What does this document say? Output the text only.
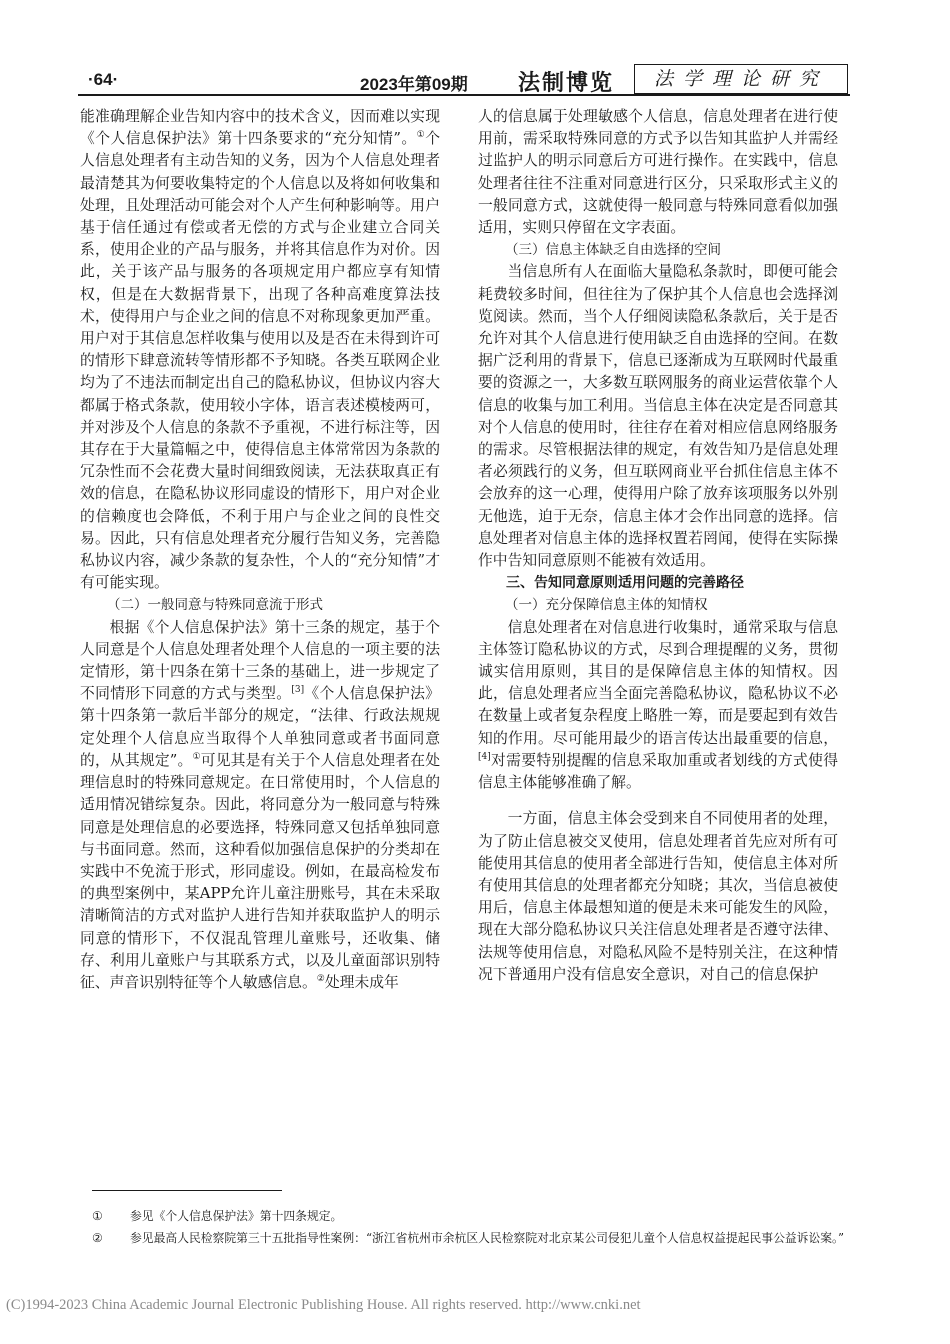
·64·	2023年第09期 法制博览	法学理论研究

能准确理解企业告知内容中的技术含义，因而难以实现《个人信息保护法》第十四条要求的“充分知情”。①个人信息处理者有主动告知的义务，因为个人信息处理者最清楚其为何要收集特定的个人信息以及将如何收集和处理，且处理活动可能会对个人产生何种影响等。用户基于信任通过有偿或者无偿的方式与企业建立合同关系，使用企业的产品与服务，并将其信息作为对价。因此，关于该产品与服务的各项规定用户都应享有知情权，但是在大数据背景下，出现了各种高难度算法技术，使得用户与企业之间的信息不对称现象更加严重。用户对于其信息怎样收集与使用以及是否在未得到许可的情形下肆意流转等情形都不予知晓。各类互联网企业均为了不违法而制定出自己的隐私协议，但协议内容大都属于格式条款，使用较小字体，语言表述模棱两可，并对涉及个人信息的条款不予重视，不进行标注等，因其存在于大量篇幅之中，使得信息主体常常因为条款的冗杂性而不会花费大量时间细致阅读，无法获取真正有效的信息，在隐私协议形同虚设的情形下，用户对企业的信赖度也会降低，不利于用户与企业之间的良性交易。因此，只有信息处理者充分履行告知义务，完善隐私协议内容，减少条款的复杂性，个人的“充分知情”才有可能实现。

（二）一般同意与特殊同意流于形式

根据《个人信息保护法》第十三条的规定，基于个人同意是个人信息处理者处理个人信息的一项主要的法定情形，第十四条在第十三条的基础上，进一步规定了不同情形下同意的方式与类型。[3]《个人信息保护法》第十四条第一款后半部分的规定，“法律、行政法规规定处理个人信息应当取得个人单独同意或者书面同意的，从其规定”。①可见其是有关于个人信息处理者在处理信息时的特殊同意规定。在日常使用时，个人信息的适用情况错综复杂。因此，将同意分为一般同意与特殊同意是处理信息的必要选择，特殊同意又包括单独同意与书面同意。然而，这种看似加强信息保护的分类却在实践中不免流于形式，形同虚设。例如，在最高检发布的典型案例中，某APP允许儿童注册账号，其在未采取清晰简洁的方式对监护人进行告知并获取监护人的明示同意的情形下，不仅混乱管理儿童账号，还收集、储存、利用儿童账户与其联系方式，以及儿童面部识别特征、声音识别特征等个人敏感信息。②处理未成年

人的信息属于处理敏感个人信息，信息处理者在进行使用前，需采取特殊同意的方式予以告知其监护人并需经过监护人的明示同意后方可进行操作。在实践中，信息处理者往往不注重对同意进行区分，只采取形式主义的一般同意方式，这就使得一般同意与特殊同意看似加强适用，实则只停留在文字表面。

（三）信息主体缺乏自由选择的空间

当信息所有人在面临大量隐私条款时，即便可能会耗费较多时间，但往往为了保护其个人信息也会选择浏览阅读。然而，当个人仔细阅读隐私条款后，关于是否允许对其个人信息进行使用缺乏自由选择的空间。在数据广泛利用的背景下，信息已逐渐成为互联网时代最重要的资源之一，大多数互联网服务的商业运营依靠个人信息的收集与加工利用。当信息主体在决定是否同意其对个人信息的使用时，往往存在着对相应信息网络服务的需求。尽管根据法律的规定，有效告知乃是信息处理者必须践行的义务，但互联网商业平台抓住信息主体不会放弃的这一心理，使得用户除了放弃该项服务以外别无他选，迫于无奈，信息主体才会作出同意的选择。信息处理者对信息主体的选择权置若罔闻，使得在实际操作中告知同意原则不能被有效适用。

三、告知同意原则适用问题的完善路径

（一）充分保障信息主体的知情权

信息处理者在对信息进行收集时，通常采取与信息主体签订隐私协议的方式，尽到合理提醒的义务，贯彻诚实信用原则，其目的是保障信息主体的知情权。因此，信息处理者应当全面完善隐私协议，隐私协议不必在数量上或者复杂程度上略胜一筹，而是要起到有效告知的作用。尽可能用最少的语言传达出最重要的信息，[4]对需要特别提醒的信息采取加重或者划线的方式使得信息主体能够准确了解。

一方面，信息主体会受到来自不同使用者的处理，为了防止信息被交叉使用，信息处理者首先应对所有可能使用其信息的使用者全部进行告知，使信息主体对所有使用其信息的处理者都充分知晓；其次，当信息被使用后，信息主体最想知道的便是未来可能发生的风险，现在大部分隐私协议只关注信息处理者是否遵守法律、法规等使用信息，对隐私风险不是特别关注，在这种情况下普通用户没有信息安全意识，对自己的信息保护

① 参见《个人信息保护法》第十四条规定。

② 参见最高人民检察院第三十五批指导性案例：“浙江省杭州市余杭区人民检察院对北京某公司侵犯儿童个人信息权益提起民事公益诉讼案。”

(C)1994-2023 China Academic Journal Electronic Publishing House. All rights reserved. http://www.cnki.net
